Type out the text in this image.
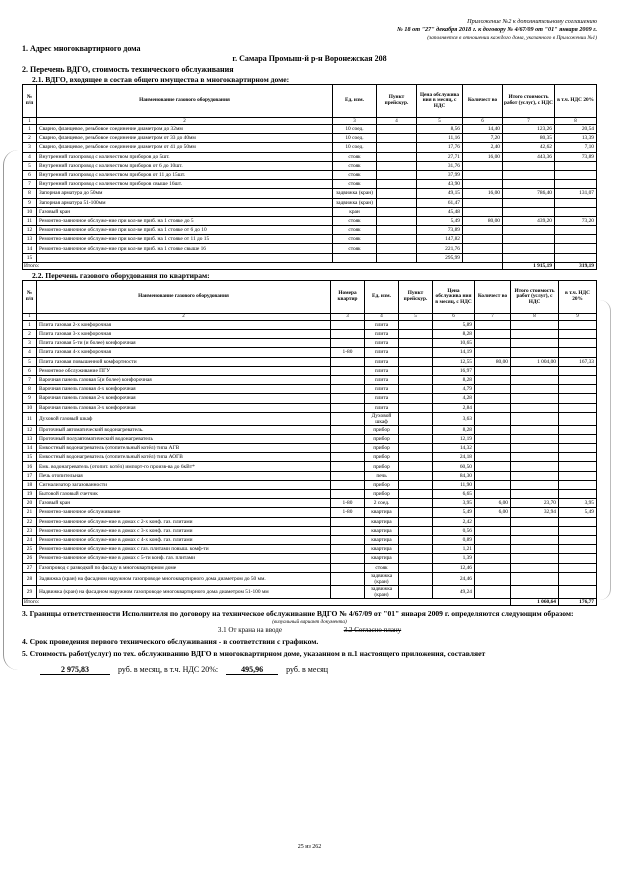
Приложение №2 к дополнительному соглашению
№ 18 от "27" декабря 2018 г. к договору № 4/67/09 от "01" января 2009 г.
(заполняется в отношении каждого дома, указанного в Приложении №1)
1. Адрес многоквартирного дома
г. Самара Промыш-й р-н Воронежская 208
2. Перечень ВДГО, стоимость технического обслуживания
2.1. ВДГО, входящее в состав общего имущества в многоквартирном доме:
№
п/п	Наименование газового оборудования	Ед. изм.	Пункт прейскур.	Цена обслужива ния в месяц, с НДС	Количест во	Итого стоимость работ (услуг), с НДС	в т.ч. НДС 20%
1	2	3	4	5	6	7	8
1	Сварно, фланцевое, резьбовое соединение диаметром до 32мм	10 соед.		8,56	14,40	123,26	20,54
2	Сварно, фланцевое, резьбовое соединение диаметром от 33 до 40мм	10 соед.		11,16	7,20	80,35	13,39
3	Сварно, фланцевое, резьбовое соединение диаметром от 41 до 50мм	10 соед.		17,76	2,40	42,62	7,10
4	Внутренний газопровод с количеством приборов до 5шт.	стояк		27,71	16,00	443,36	73,89
5	Внутренний газопровод с количеством приборов от 6 до 10шт.	стояк		31,76			
6	Внутренний газопровод с количеством приборов от 11 до 15шт.	стояк		37,99			
7	Внутренний газопровод с количеством приборов свыше 16шт.	стояк		43,90			
8	Запорная арматура до 50мм	задвижка (кран)		49,15	16,00	786,40	131,07
9	Запорная арматура 51-100мм	задвижка (кран)		61,47			
10	Газовый кран	кран		45,48			
11	Ремонтно-заяночное обслуже-ние при кол-ве приб. на 1 стояке до 5	стояк		5,49	80,00	439,20	73,20
12	Ремонтно-заяночное обслуже-ние при кол-ве приб. на 1 стояке от 6 до 10	стояк		73,89			
13	Ремонтно-заяночное обслуже-ние при кол-ве приб. на 1 стояке от 11 до 15	стояк		147,82			
14	Ремонтно-заяночное обслуже-ние при кол-ве приб. на 1 стояке свыше 16	стояк		221,76			
15				295,99			
Итого:						1 915,19	319,19
2.2. Перечень газового оборудования по квартирам:
№
п/п	Наименование газового оборудования	Номера квартир	Ед. изм.	Пункт прейскур.	Цена обслужива ния в месяц, с НДС	Количест во	Итого стоимость работ (услуг), с НДС	в т.ч. НДС 20%
1	2	3	4	5	6	7	8	9
1	Плита газовая 2-х конфорочная		плита		5,89			
2	Плита газовая 3-х конфорочная		плита		8,28			
3	Плита газовая 5-ти (и более) конфорочная		плита		10,65			
4	Плита газовая 4-х конфорочная	1-80	плита		14,19			
5	Плита газовая повышенной комфортности		плита		12,55	80,00	1 004,00	167,33
6	Ремонтное обслуживание ПГУ		плита		16,97			
7	Варочная панель газовая 5(и более) конфорочная		плита		8,28			
8	Варочная панель газовая 4-х конфорочная		плита		4,79			
9	Варочная панель газовая 2-х конфорочная		плита		4,28			
10	Варочная панель газовая 3-х конфорочная		плита		2,84			
11	Духовой газовый шкаф		Духовой шкаф		3,63			
12	Проточный автоматический водонагреватель.		прибор		8,28			
13	Проточный полуавтоматический водонагреватель		прибор		12,19			
14	Емкостный водонагреватель (отопительный котёл) типа АГВ		прибор		14,32			
15	Емкостный водонагреватель (отопительный котёл) типа АОГВ		прибор		24,18			
16	Емк. водонагреватель (отопит. котёл) импорт-го произв-ва до 6кВт*		прибор		60,50			
17	Печь отопительная		печь		84,30			
18	Сигнализатор загазованности		прибор		11,90			
19	Бытовой газовый счетчик		прибор		6,65			
20	Газовый кран	1-80	2 соед.		3,95	6,00	23,70	3,95
21	Ремонтно-заяночное обслуживание	1-80	квартира		5,49	6,00	32,94	5,49
22	Ремонтно-заяночное обслуже-ние в домах с 2-х конф. газ. плитами		квартира		2,42			
23	Ремонтно-заяночное обслуже-ние в домах с 3-х конф. газ. плитами		квартира		0,56			
24	Ремонтно-заяночное обслуже-ние в домах с 4-х конф. газ. плитами		квартира		0,89			
25	Ремонтно-заяночное обслуже-ние в домах с газ. плитами повыш. комф-ти		квартира		1,21			
26	Ремонтно-заяночное обслуже-ние в домах с 5-ти конф. газ. плитами		квартира		1,39			
27	Газопровод с разводкой по фасаду в многоквартирном доме		стояк		12,46			
28	Задвижка (кран) на фасадном наружном газопроводе многоквартирного дома диаметром до 50 мм.		задвижка (кран)		24,46			
29	Надвижка (кран) на фасадном наружном газопроводе многоквартирного дома диаметром 51-100 мм		задвижка (кран)		49,24			
Итого:							1 060,64	176,77
3. Границы ответственности Исполнителя по договору на техническое обслуживание ВДГО № 4/67/09 от "01" января 2009 г. определяются следующим образом:
(визуальный вариант документа)
3.1 От крана на вводе	3.2 Согласно плану
4. Срок проведения первого технического обслуживания - в соответствии с графиком.
5. Стоимость работ(услуг) по тех. обслуживанию ВДГО в многоквартирном доме, указанном в п.1 настоящего приложения, составляет
2 975,83	руб. в месяц, в т.ч. НДС 20%:	495,96	руб. в месяц
25 из 262
